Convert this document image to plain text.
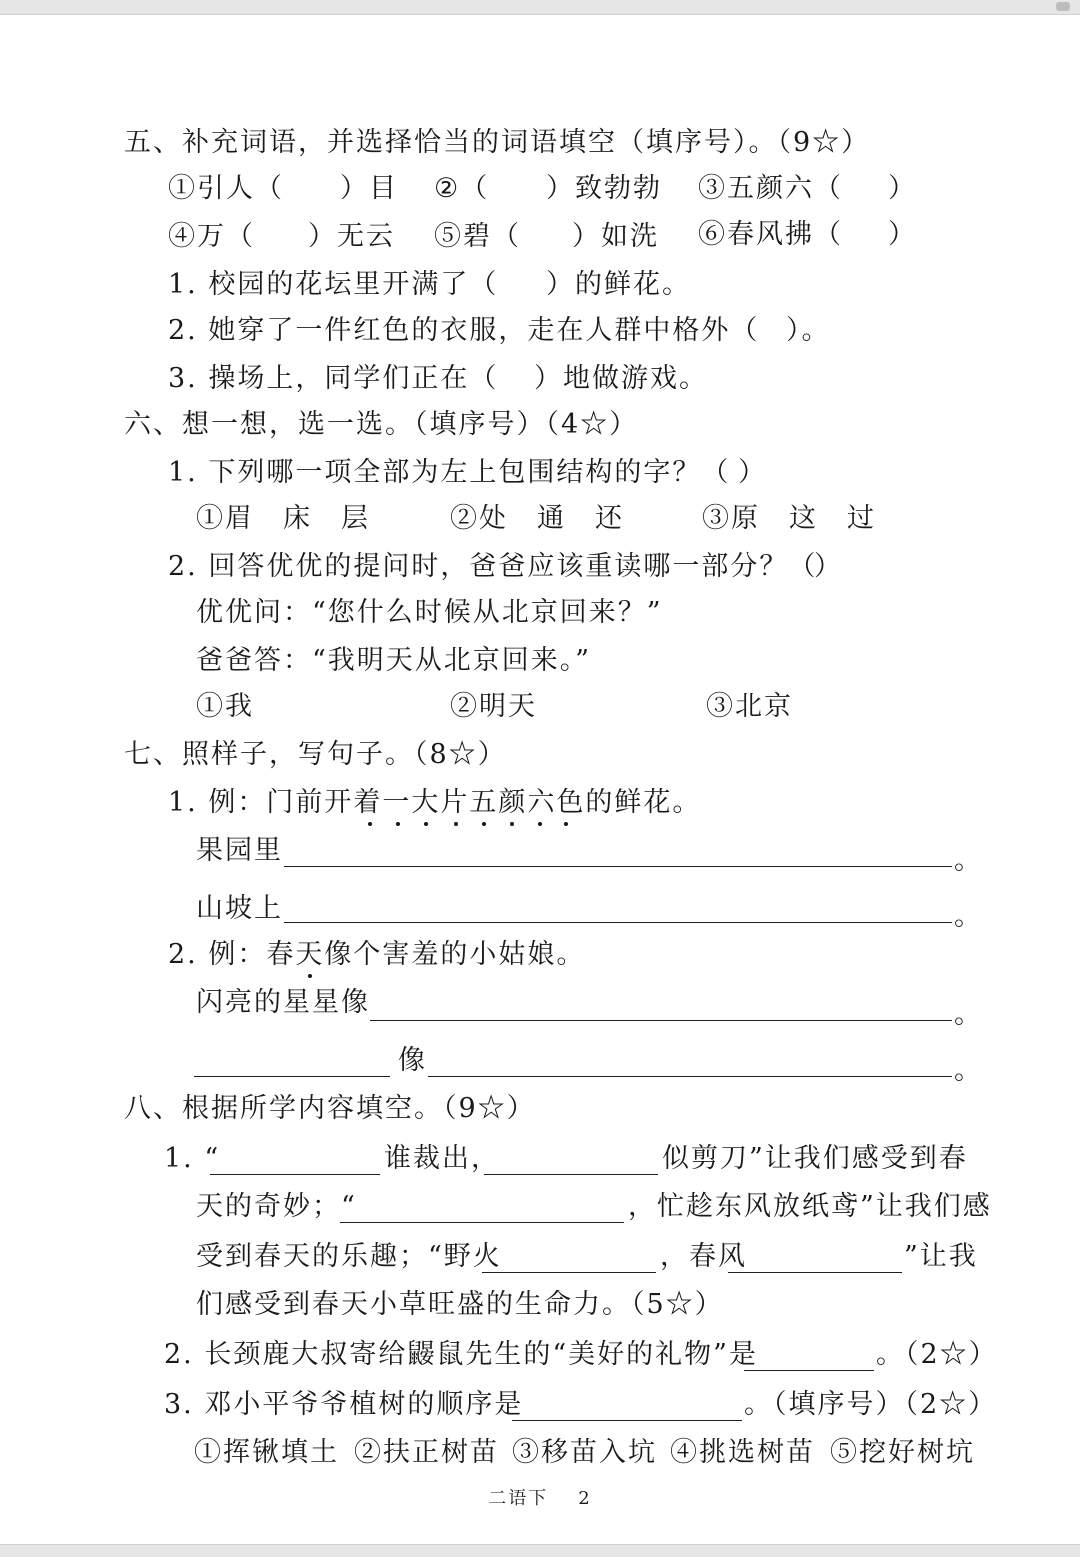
五、补充词语，并选择恰当的词语填空（填序号）。（9☆）
①引人（ ）目 ②（ ）致勃勃 ③五颜六（ ）
④万（ ）无云 ⑤碧（ ）如洗 ⑥春风拂（ ）
1. 校园的花坛里开满了（ ）的鲜花。
2. 她穿了一件红色的衣服，走在人群中格外（ ）。
3. 操场上，同学们正在（ ）地做游戏。
六、想一想，选一选。（填序号）（4☆）
1. 下列哪一项全部为左上包围结构的字？（ ）
①眉　床　层	②处　通　还	③原　这　过
2. 回答优优的提问时，爸爸应该重读哪一部分？（
）
优优问：“您什么时候从北京回来？”
爸爸答：“我明天从北京回来。”
①我	②明天	③北京
七、照样子，写句子。（8☆）
1. 例：门前开着一大片五颜六色的鲜花。
果园里	。
山坡上	。
2. 例：春天像个害羞的小姑娘。
闪亮的星星像	。
像	。
八、根据所学内容填空。（9☆）
1. “	谁裁出，	似剪刀”让我们感受到春
天的奇妙；“	，忙趁东风放纸鸢”让我们感
受到春天的乐趣；“野火	，春风	”让我
们感受到春天小草旺盛的生命力。（5☆）
2. 长颈鹿大叔寄给鼹鼠先生的“美好的礼物”是	。（2☆）
3. 邓小平爷爷植树的顺序是	。（填序号）（2☆）
①挥锹填土 ②扶正树苗 ③移苗入坑 ④挑选树苗 ⑤挖好树坑
二语下 2
